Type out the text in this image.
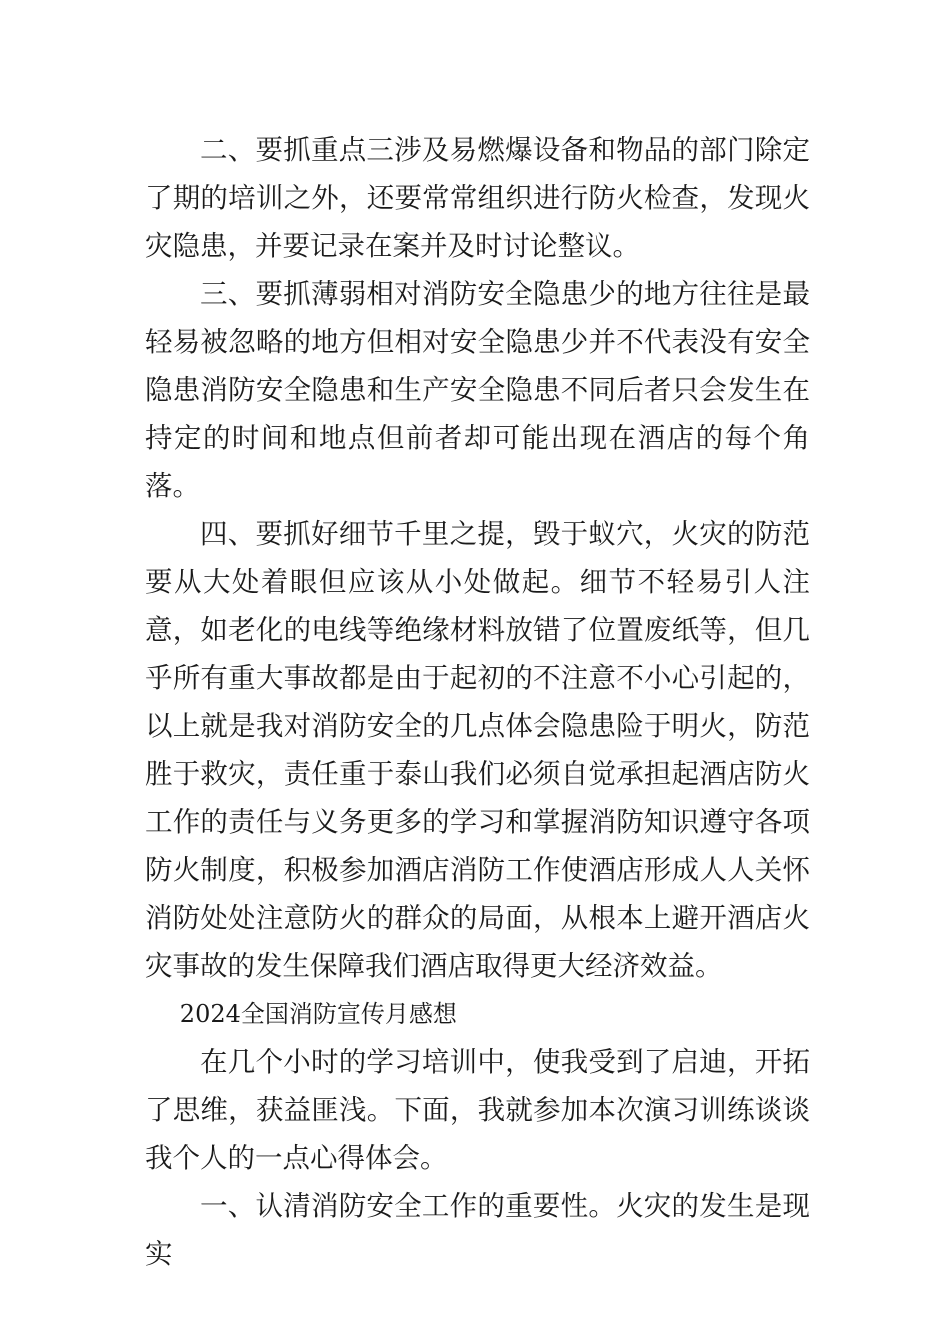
二、要抓重点三涉及易燃爆设备和物品的部门除定了期的培训之外，还要常常组织进行防火检查，发现火灾隐患，并要记录在案并及时讨论整议。

三、要抓薄弱相对消防安全隐患少的地方往往是最轻易被忽略的地方但相对安全隐患少并不代表没有安全隐患消防安全隐患和生产安全隐患不同后者只会发生在持定的时间和地点但前者却可能出现在酒店的每个角落。

四、要抓好细节千里之提，毁于蚁穴，火灾的防范要从大处着眼但应该从小处做起。细节不轻易引人注意，如老化的电线等绝缘材料放错了位置废纸等，但几乎所有重大事故都是由于起初的不注意不小心引起的，以上就是我对消防安全的几点体会隐患险于明火，防范胜于救灾，责任重于泰山我们必须自觉承担起酒店防火工作的责任与义务更多的学习和掌握消防知识遵守各项防火制度，积极参加酒店消防工作使酒店形成人人关怀消防处处注意防火的群众的局面，从根本上避开酒店火灾事故的发生保障我们酒店取得更大经济效益。

2024全国消防宣传月感想

在几个小时的学习培训中，使我受到了启迪，开拓了思维，获益匪浅。下面，我就参加本次演习训练谈谈我个人的一点心得体会。

一、认清消防安全工作的重要性。火灾的发生是现实
